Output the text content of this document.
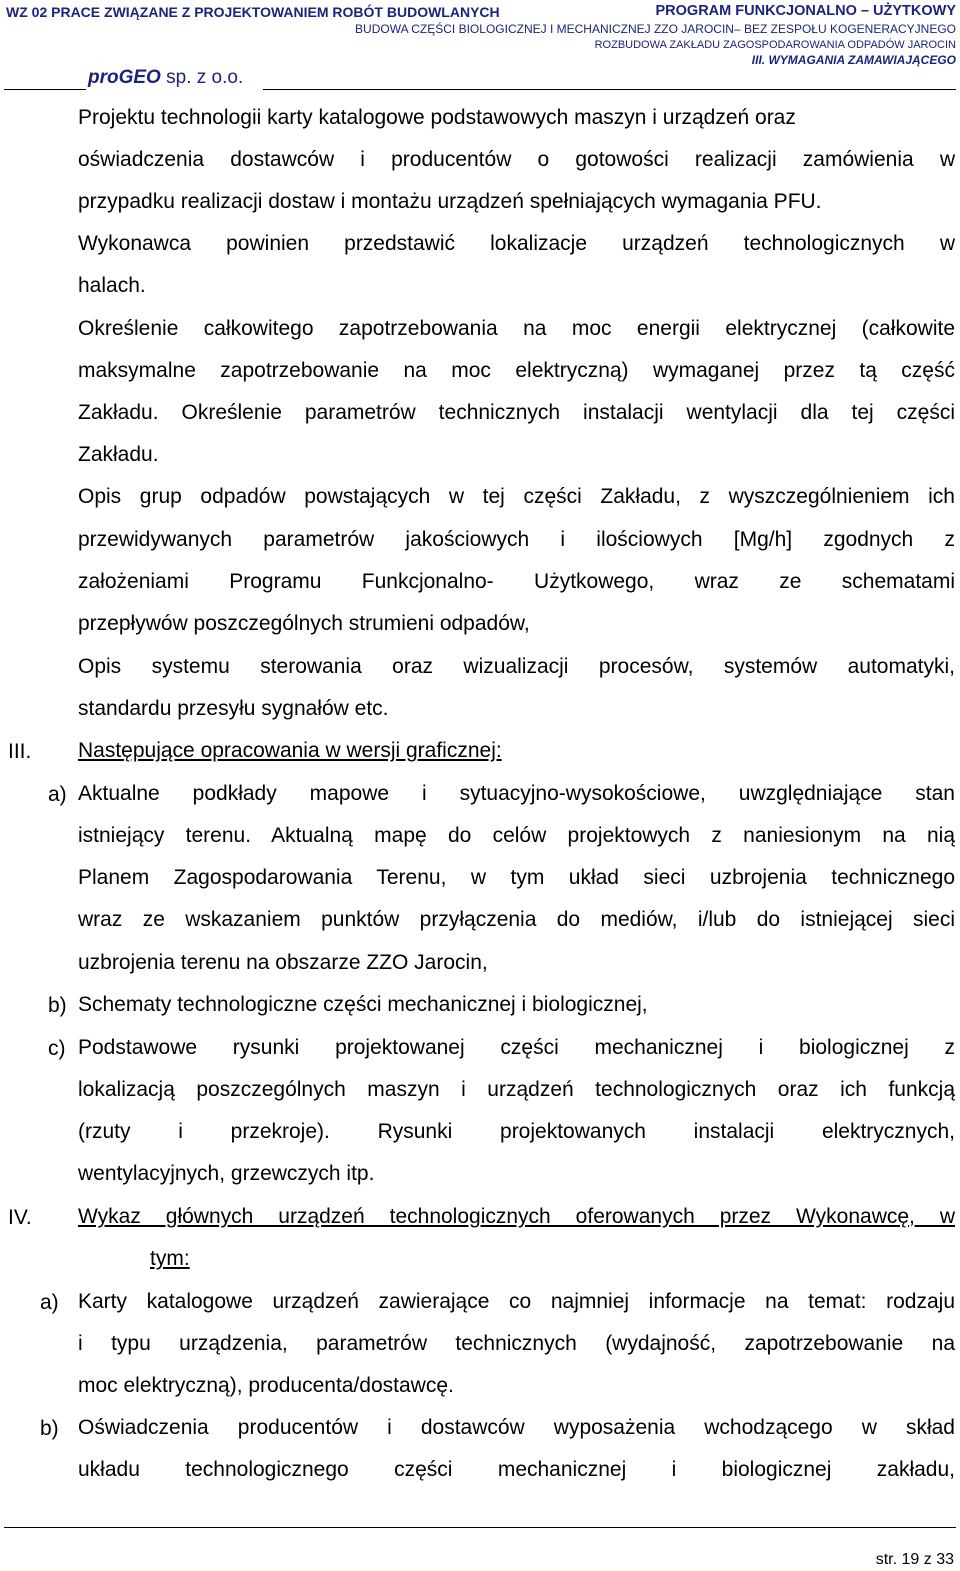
WZ 02 PRACE ZWIĄZANE Z PROJEKTOWANIEM ROBÓT BUDOWLANYCH	PROGRAM FUNKCJONALNO – UŻYTKOWY
BUDOWA CZĘŚCI BIOLOGICZNEJ I MECHANICZNEJ ZZO JAROCIN– BEZ ZESPOŁU KOGENERACYJNEGO
ROZBUDOWA ZAKŁADU ZAGOSPODAROWANIA ODPADÓW JAROCIN
III. WYMAGANIA ZAMAWIAJĄCEGO
proGEO sp. z o.o.
Projektu technologii karty katalogowe podstawowych maszyn i urządzeń oraz
oświadczenia dostawców i producentów o gotowości realizacji zamówienia w
przypadku realizacji dostaw i montażu urządzeń spełniających wymagania PFU.
Wykonawca powinien przedstawić lokalizacje urządzeń technologicznych w
halach.
Określenie całkowitego zapotrzebowania na moc energii elektrycznej (całkowite
maksymalne zapotrzebowanie na moc elektryczną) wymaganej przez tą część
Zakładu. Określenie parametrów technicznych instalacji wentylacji dla tej części
Zakładu.
Opis grup odpadów powstających w tej części Zakładu, z wyszczególnieniem ich
przewidywanych parametrów jakościowych i ilościowych [Mg/h] zgodnych z
założeniami Programu Funkcjonalno- Użytkowego, wraz ze schematami
przepływów poszczególnych strumieni odpadów,
Opis systemu sterowania oraz wizualizacji procesów, systemów automatyki,
standardu przesyłu sygnałów etc.
III. Następujące opracowania w wersji graficznej:
a) Aktualne podkłady mapowe i sytuacyjno-wysokościowe, uwzględniające stan
istniejący terenu. Aktualną mapę do celów projektowych z naniesionym na nią
Planem Zagospodarowania Terenu, w tym układ sieci uzbrojenia technicznego
wraz ze wskazaniem punktów przyłączenia do mediów, i/lub do istniejącej sieci
uzbrojenia terenu na obszarze ZZO Jarocin,
b) Schematy technologiczne części mechanicznej i biologicznej,
c) Podstawowe rysunki projektowanej części mechanicznej i biologicznej z
lokalizacją poszczególnych maszyn i urządzeń technologicznych oraz ich funkcją
(rzuty i przekroje). Rysunki projektowanych instalacji elektrycznych,
wentylacyjnych, grzewczych itp.
IV. Wykaz głównych urządzeń technologicznych oferowanych przez Wykonawcę, w
tym:
a) Karty katalogowe urządzeń zawierające co najmniej informacje na temat: rodzaju
i typu urządzenia, parametrów technicznych (wydajność, zapotrzebowanie na
moc elektryczną), producenta/dostawcę.
b) Oświadczenia producentów i dostawców wyposażenia wchodzącego w skład
układu technologicznego części mechanicznej i biologicznej zakładu,
str. 19 z 33
